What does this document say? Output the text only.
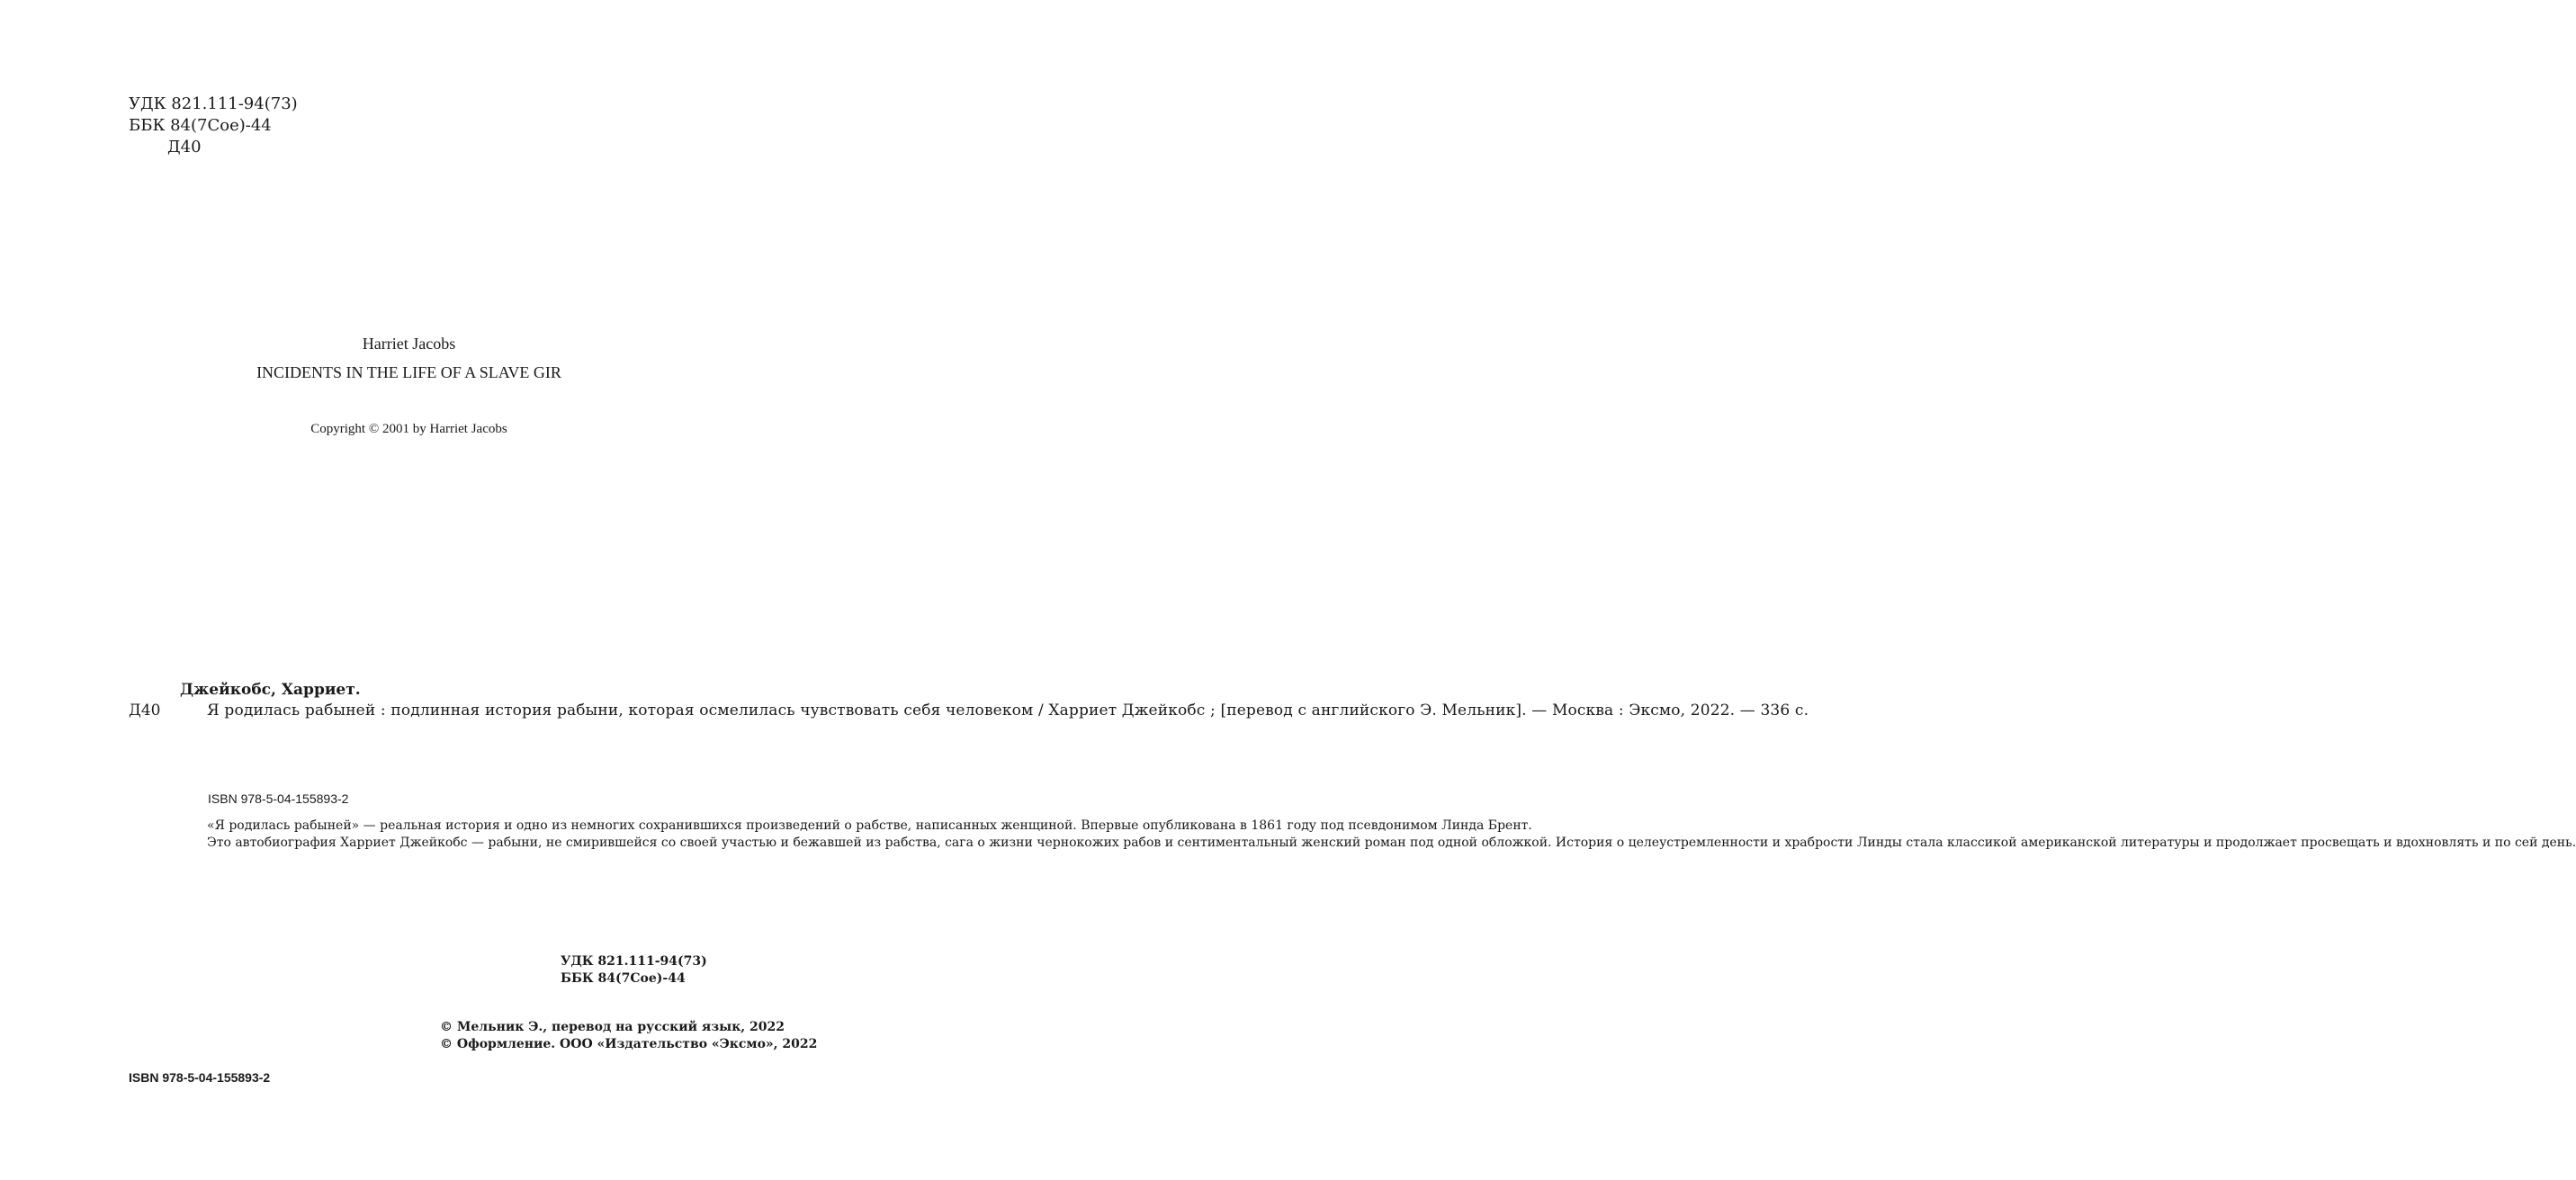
УДК 821.111-94(73)
ББК 84(7Сое)-44
Д40
Harriet Jacobs
INCIDENTS IN THE LIFE OF A SLAVE GIR
Copyright © 2001 by Harriet Jacobs
Д40
Джейкобс, Харриет.
Я родилась рабыней : подлинная история рабыни, которая осмелилась чувствовать себя человеком / Харриет Джейкобс ; [перевод с английского Э. Мельник]. — Москва : Эксмо, 2022. — 336 с.
ISBN 978-5-04-155893-2

«Я родилась рабыней» — реальная история и одно из немногих сохранившихся произведений о рабстве, написанных женщиной. Впервые опубликована в 1861 году под псевдонимом Линда Брент.

Это автобиография Харриет Джейкобс — рабыни, не смирившейся со своей участью и бежавшей из рабства, сага о жизни чернокожих рабов и сентиментальный женский роман под одной обложкой. История о целеустремленности и храбрости Линды стала классикой американской литературы и продолжает просвещать и вдохновлять и по сей день.

УДК 821.111-94(73)
ББК 84(7Сое)-44
© Мельник Э., перевод на русский язык, 2022
© Оформление. ООО «Издательство «Эксмо», 2022
ISBN 978-5-04-155893-2
